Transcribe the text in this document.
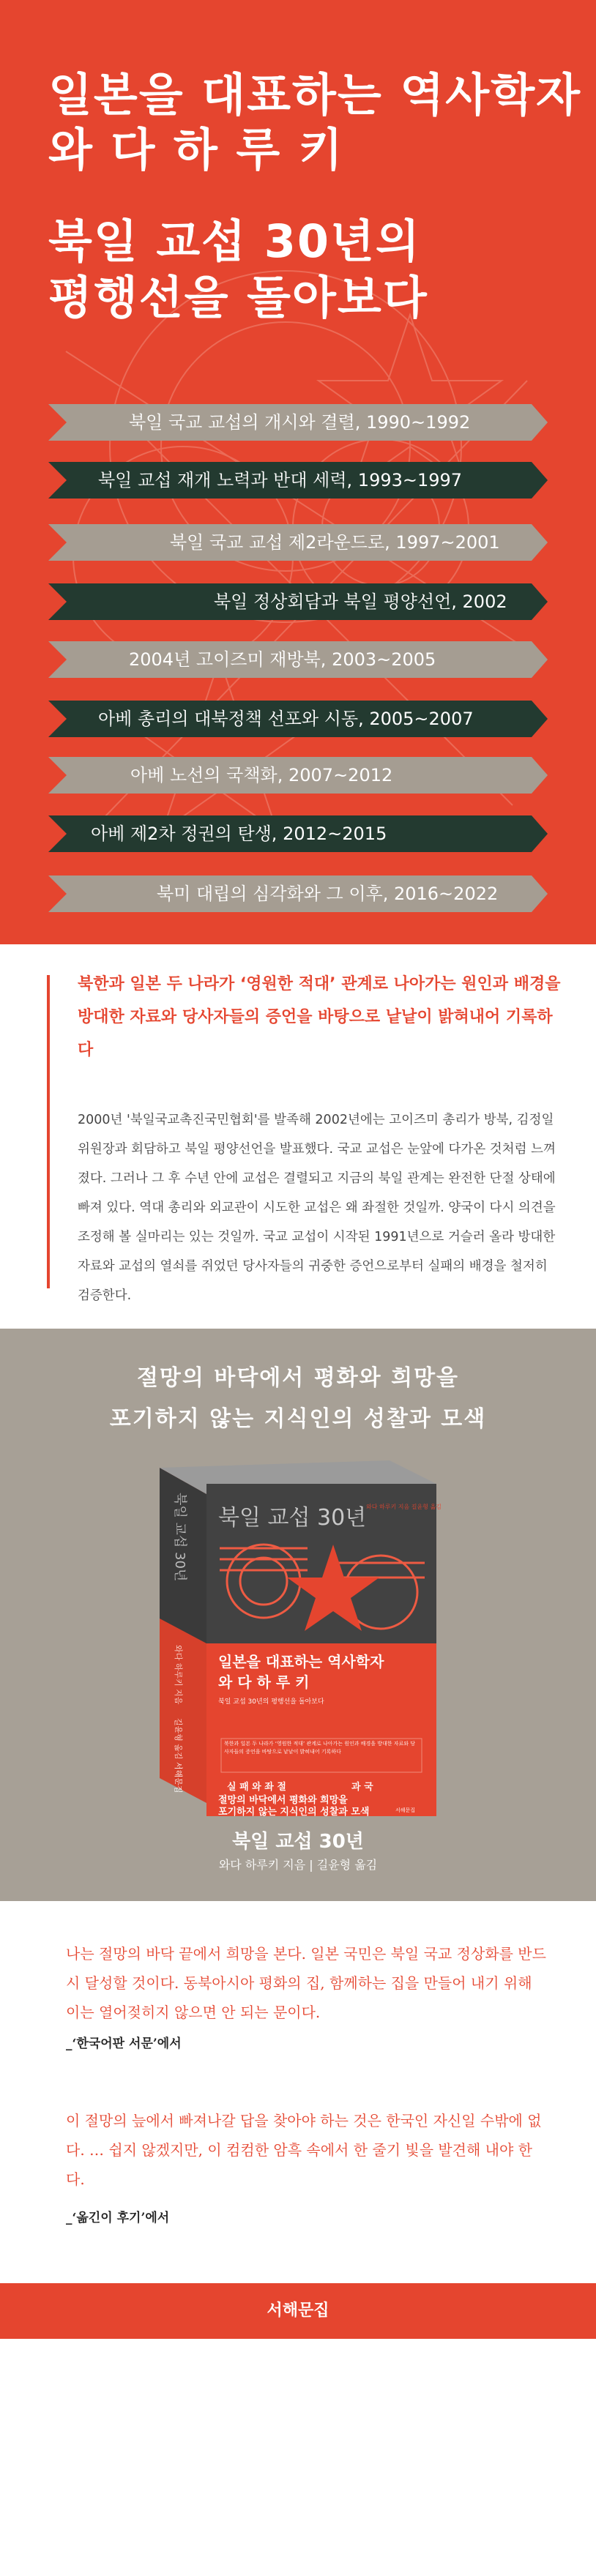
일본을 대표하는 역사학자
와 다 하 루 키
북일 교섭 30년의
평행선을 돌아보다
북일 국교 교섭의 개시와 결렬, 1990~1992
북일 교섭 재개 노력과 반대 세력, 1993~1997
북일 국교 교섭 제2라운드로, 1997~2001
북일 정상회담과 북일 평양선언, 2002
2004년 고이즈미 재방북, 2003~2005
아베 총리의 대북정책 선포와 시동, 2005~2007
아베 노선의 국책화, 2007~2012
아베 제2차 정권의 탄생, 2012~2015
북미 대립의 심각화와 그 이후, 2016~2022

북한과 일본 두 나라가 ‘영원한 적대’ 관계로 나아가는 원인과 배경을 방대한 자료와 당사자들의 증언을 바탕으로 낱낱이 밝혀내어 기록하다

2000년 '북일국교촉진국민협회'를 발족해 2002년에는 고이즈미 총리가 방북, 김정일 위원장과 회담하고 북일 평양선언을 발표했다. 국교 교섭은 눈앞에 다가온 것처럼 느껴졌다. 그러나 그 후 수년 안에 교섭은 결렬되고 지금의 북일 관계는 완전한 단절 상태에 빠져 있다. 역대 총리와 외교관이 시도한 교섭은 왜 좌절한 것일까. 양국이 다시 의견을 조정해 볼 실마리는 있는 것일까. 국교 교섭이 시작된 1991년으로 거슬러 올라 방대한 자료와 교섭의 열쇠를 쥐었던 당사자들의 귀중한 증언으로부터 실패의 배경을 철저히 검증한다.

절망의 바닥에서 평화와 희망을

포기하지 않는 지식인의 성찰과 모색

북일 교섭 30년 와다 하루키 지음 길윤형 옮김
북일 교섭 30년
와다 하루키 지음
길윤형 옮김
서해문집
일본을 대표하는 역사학자
와 다 하 루 키
북일 교섭 30년의 평행선을 돌아보다
북한과 일본 두 나라가 ‘영원한 적대’ 관계로 나아가는 원인과 배경을 방대한 자료와 당사자들의 증언을 바탕으로 낱낱이 밝혀내어 기록하다
실 패 와 좌 절	과 국
절망의 바닥에서 평화와 희망을
포기하지 않는 지식인의 성찰과 모색	서해문집

북일 교섭 30년

와다 하루키 지음 | 길윤형 옮김

나는 절망의 바닥 끝에서 희망을 본다. 일본 국민은 북일 국교 정상화를 반드시 달성할 것이다. 동북아시아 평화의 집, 함께하는 집을 만들어 내기 위해 이는 열어젖히지 않으면 안 되는 문이다.

_‘한국어판 서문’에서

이 절망의 늪에서 빠져나갈 답을 찾아야 하는 것은 한국인 자신일 수밖에 없다. … 쉽지 않겠지만, 이 컴컴한 암흑 속에서 한 줄기 빛을 발견해 내야 한다.

_‘옮긴이 후기’에서

서해문집
